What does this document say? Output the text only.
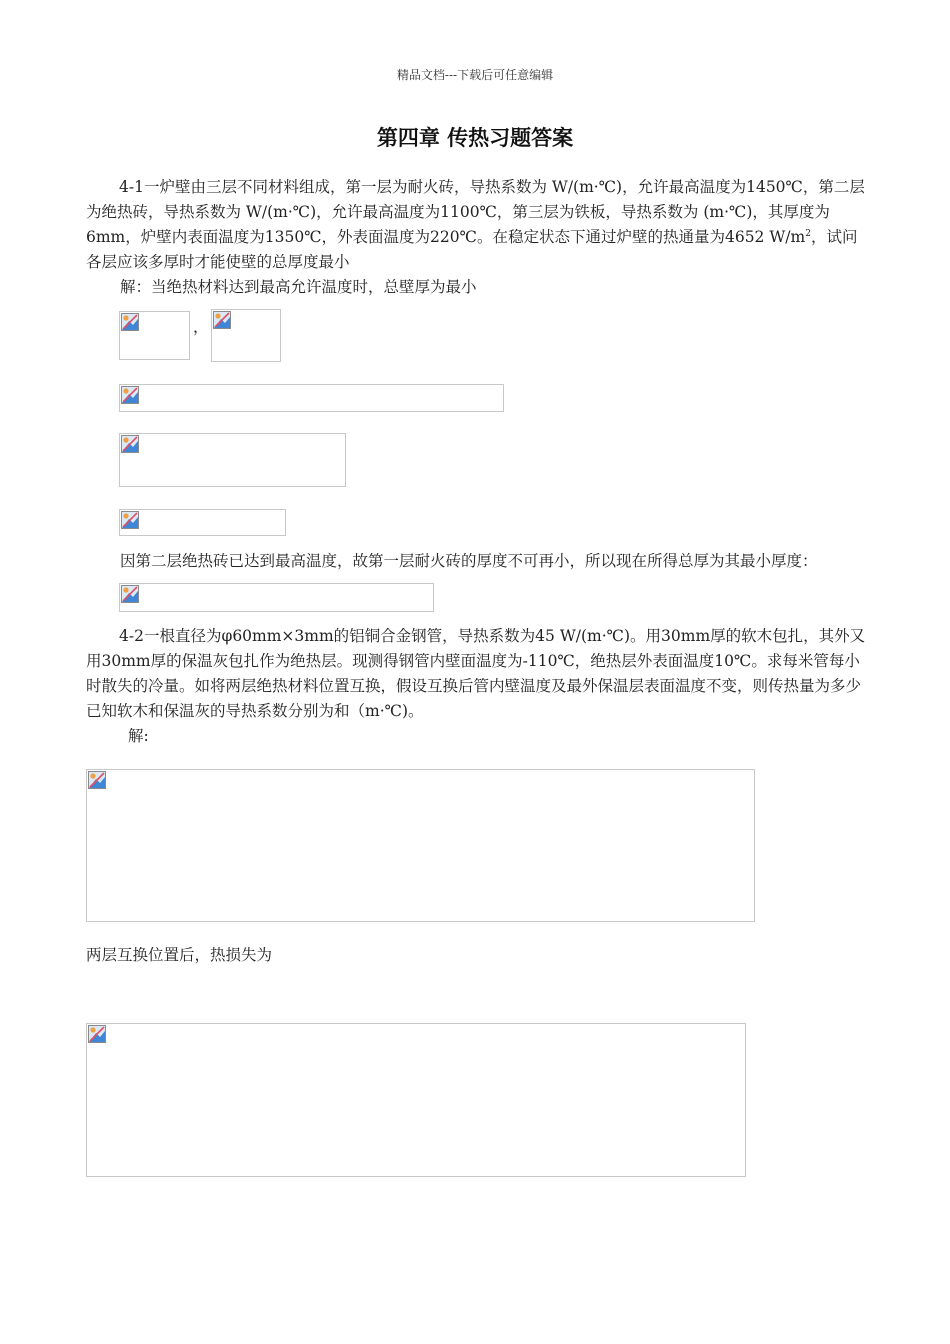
精品文档---下载后可任意编辑
第四章 传热习题答案
4-1一炉壁由三层不同材料组成，第一层为耐火砖，导热系数为 W/(m·℃)，允许最高温度为1450℃，第二层为绝热砖，导热系数为 W/(m·℃)，允许最高温度为1100℃，第三层为铁板，导热系数为 (m·℃)，其厚度为6mm，炉壁内表面温度为1350℃，外表面温度为220℃。在稳定状态下通过炉壁的热通量为4652 $W/m^2$，试问各层应该多厚时才能使壁的总厚度最小
解：当绝热材料达到最高允许温度时，总壁厚为最小
，
因第二层绝热砖已达到最高温度，故第一层耐火砖的厚度不可再小，所以现在所得总厚为其最小厚度：
4-2一根直径为φ60mm×3mm的铝铜合金钢管，导热系数为45 W/(m·℃)。用30mm厚的软木包扎，其外又用30mm厚的保温灰包扎作为绝热层。现测得钢管内壁面温度为-110℃，绝热层外表面温度10℃。求每米管每小时散失的冷量。如将两层绝热材料位置互换，假设互换后管内壁温度及最外保温层表面温度不变，则传热量为多少已知软木和保温灰的导热系数分别为和（m·℃)。
解:
两层互换位置后，热损失为
